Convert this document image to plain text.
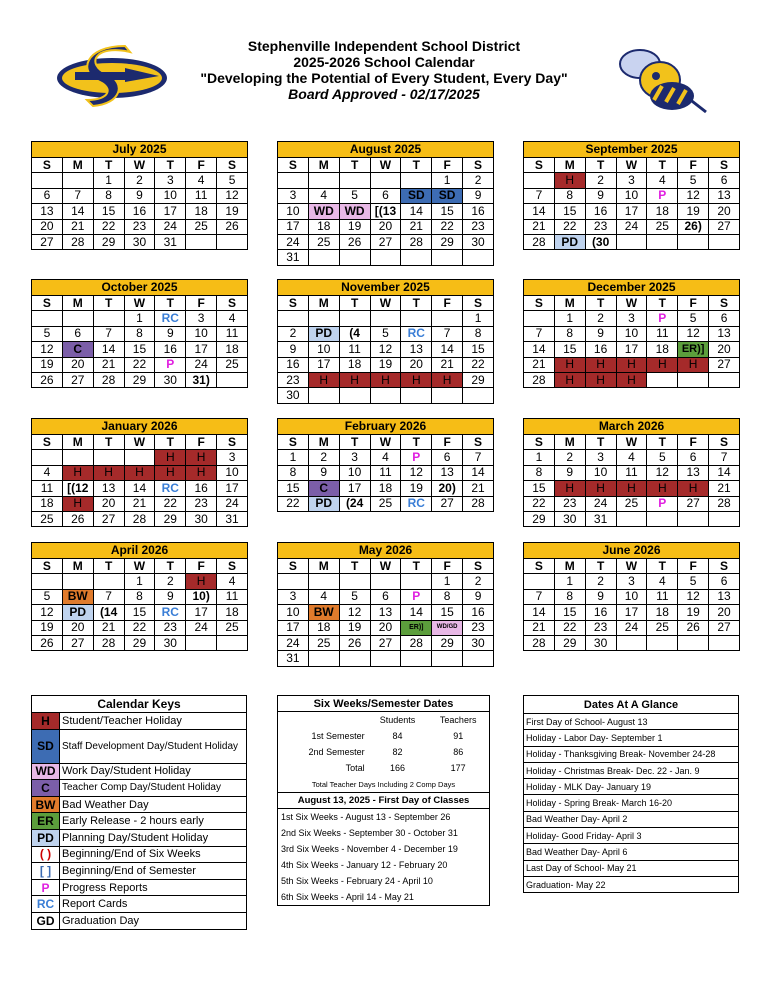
Stephenville Independent School District
2025-2026 School Calendar
"Developing the Potential of Every Student, Every Day"
Board Approved - 02/17/2025
July 2025						
S	M	T	W	T	F	S
		1	2	3	4	5
6	7	8	9	10	11	12
13	14	15	16	17	18	19
20	21	22	23	24	25	26
27	28	29	30	31		
August 2025						
S	M	T	W	T	F	S
					1	2
3	4	5	6	SD	SD	9
10	WD	WD	[(13	14	15	16
17	18	19	20	21	22	23
24	25	26	27	28	29	30
31						
September 2025						
S	M	T	W	T	F	S
	H	2	3	4	5	6
7	8	9	10	P	12	13
14	15	16	17	18	19	20
21	22	23	24	25	26)	27
28	PD	(30				
October 2025						
S	M	T	W	T	F	S
			1	RC	3	4
5	6	7	8	9	10	11
12	C	14	15	16	17	18
19	20	21	22	P	24	25
26	27	28	29	30	31)	
November 2025						
S	M	T	W	T	F	S
						1
2	PD	(4	5	RC	7	8
9	10	11	12	13	14	15
16	17	18	19	20	21	22
23	H	H	H	H	H	29
30						
December 2025						
S	M	T	W	T	F	S
	1	2	3	P	5	6
7	8	9	10	11	12	13
14	15	16	17	18	ER)]	20
21	H	H	H	H	H	27
28	H	H	H			
January 2026						
S	M	T	W	T	F	S
				H	H	3
4	H	H	H	H	H	10
11	[(12	13	14	RC	16	17
18	H	20	21	22	23	24
25	26	27	28	29	30	31
February 2026						
S	M	T	W	T	F	S
1	2	3	4	P	6	7
8	9	10	11	12	13	14
15	C	17	18	19	20)	21
22	PD	(24	25	RC	27	28
March 2026						
S	M	T	W	T	F	S
1	2	3	4	5	6	7
8	9	10	11	12	13	14
15	H	H	H	H	H	21
22	23	24	25	P	27	28
29	30	31				
April 2026						
S	M	T	W	T	F	S
			1	2	H	4
5	BW	7	8	9	10)	11
12	PD	(14	15	RC	17	18
19	20	21	22	23	24	25
26	27	28	29	30		
May 2026						
S	M	T	W	T	F	S
					1	2
3	4	5	6	P	8	9
10	BW	12	13	14	15	16
17	18	19	20	ER)]	WD/GD	23
24	25	26	27	28	29	30
31						
June 2026						
S	M	T	W	T	F	S
	1	2	3	4	5	6
7	8	9	10	11	12	13
14	15	16	17	18	19	20
21	22	23	24	25	26	27
28	29	30				
Calendar Keys	
H	Student/Teacher Holiday
SD	Staff Development Day/Student Holiday
WD	Work Day/Student Holiday
C	Teacher Comp Day/Student Holiday
BW	Bad Weather Day
ER	Early Release - 2 hours early
PD	Planning Day/Student Holiday
( )	Beginning/End of Six Weeks
[ ]	Beginning/End of Semester
P	Progress Reports
RC	Report Cards
GD	Graduation Day
Six Weeks/Semester Dates		
	Students	Teachers
1st Semester	84	91
2nd Semester	82	86
Total	166	177
Total Teacher Days Including 2 Comp Days		
August 13, 2025 - First Day of Classes		
1st Six Weeks - August 13 - September 26		
2nd Six Weeks - September 30 - October 31		
3rd Six Weeks - November 4 - December 19		
4th Six Weeks - January 12 - February 20		
5th Six Weeks - February 24 - April 10		
6th Six Weeks - April 14 - May 21		
Dates At A Glance
First Day of School- August 13
Holiday - Labor Day- September 1
Holiday - Thanksgiving Break- November 24-28
Holiday - Christmas Break- Dec. 22 - Jan. 9
Holiday - MLK Day- January 19
Holiday - Spring Break- March 16-20
Bad Weather Day- April 2
Holiday- Good Friday- April 3
Bad Weather Day- April 6
Last Day of School- May 21
Graduation- May 22
